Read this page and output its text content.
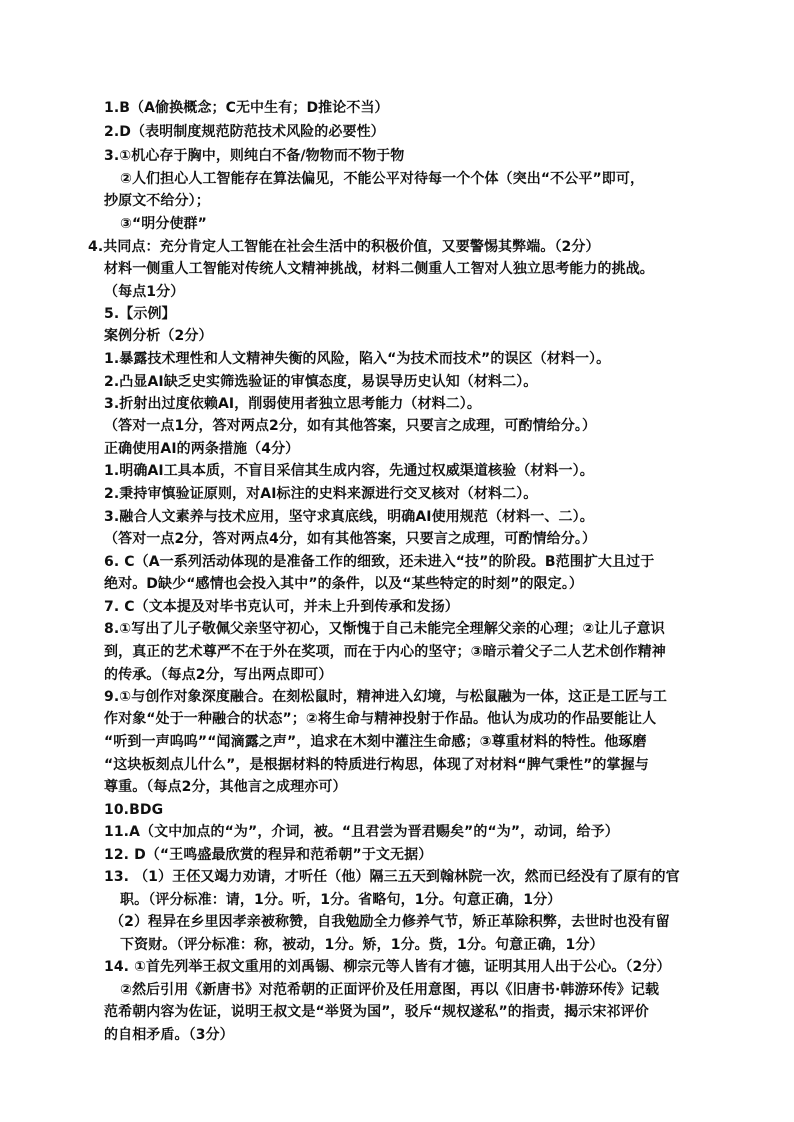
1.B（A偷换概念；C无中生有；D推论不当）
2.D（表明制度规范防范技术风险的必要性）
3.①机心存于胸中，则纯白不备/物物而不物于物
②人们担心人工智能存在算法偏见，不能公平对待每一个个体（突出“不公平”即可，
抄原文不给分）；
③“明分使群”
4.共同点：充分肯定人工智能在社会生活中的积极价值，又要警惕其弊端。（2分）
材料一侧重人工智能对传统人文精神挑战，材料二侧重人工智对人独立思考能力的挑战。
（每点1分）
5.【示例】
案例分析（2分）
1.暴露技术理性和人文精神失衡的风险，陷入“为技术而技术”的误区（材料一）。
2.凸显AI缺乏史实筛选验证的审慎态度，易误导历史认知（材料二）。
3.折射出过度依赖AI，削弱使用者独立思考能力（材料二）。
（答对一点1分，答对两点2分，如有其他答案，只要言之成理，可酌情给分。）
正确使用AI的两条措施（4分）
1.明确AI工具本质，不盲目采信其生成内容，先通过权威渠道核验（材料一）。
2.秉持审慎验证原则，对AI标注的史料来源进行交叉核对（材料二）。
3.融合人文素养与技术应用，坚守求真底线，明确AI使用规范（材料一、二）。
（答对一点2分，答对两点4分，如有其他答案，只要言之成理，可酌情给分。）
6. C（A一系列活动体现的是准备工作的细致，还未进入“技”的阶段。B范围扩大且过于
绝对。D缺少“感情也会投入其中”的条件，以及“某些特定的时刻”的限定。）
7. C（文本提及对毕书克认可，并未上升到传承和发扬）
8.①写出了儿子敬佩父亲坚守初心，又惭愧于自己未能完全理解父亲的心理；②让儿子意识
到，真正的艺术尊严不在于外在奖项，而在于内心的坚守；③暗示着父子二人艺术创作精神
的传承。（每点2分，写出两点即可）
9.①与创作对象深度融合。在刻松鼠时，精神进入幻境，与松鼠融为一体，这正是工匠与工
作对象“处于一种融合的状态”；②将生命与精神投射于作品。他认为成功的作品要能让人
“听到一声呜呜”“闻滴露之声”，追求在木刻中灌注生命感；③尊重材料的特性。他琢磨
“这块板刻点儿什么”，是根据材料的特质进行构思，体现了对材料“脾气秉性”的掌握与
尊重。（每点2分，其他言之成理亦可）
10.BDG
11.A（文中加点的“为”，介词，被。“且君尝为晋君赐矣”的“为”，动词，给予）
12. D（“王鸣盛最欣赏的程异和范希朝”于文无据）
13. （1）王伾又竭力劝请，才听任（他）隔三五天到翰林院一次，然而已经没有了原有的官
职。（评分标准：请，1分。听，1分。省略句，1分。句意正确，1分）
（2）程异在乡里因孝亲被称赞，自我勉励全力修养气节，矫正革除积弊，去世时也没有留
下资财。（评分标准：称，被动，1分。矫，1分。赀，1分。句意正确，1分）
14. ①首先列举王叔文重用的刘禹锡、柳宗元等人皆有才德，证明其用人出于公心。（2分）
②然后引用《新唐书》对范希朝的正面评价及任用意图，再以《旧唐书·韩游环传》记载
范希朝内容为佐证，说明王叔文是“举贤为国”，驳斥“规权遂私”的指责，揭示宋祁评价
的自相矛盾。（3分）
